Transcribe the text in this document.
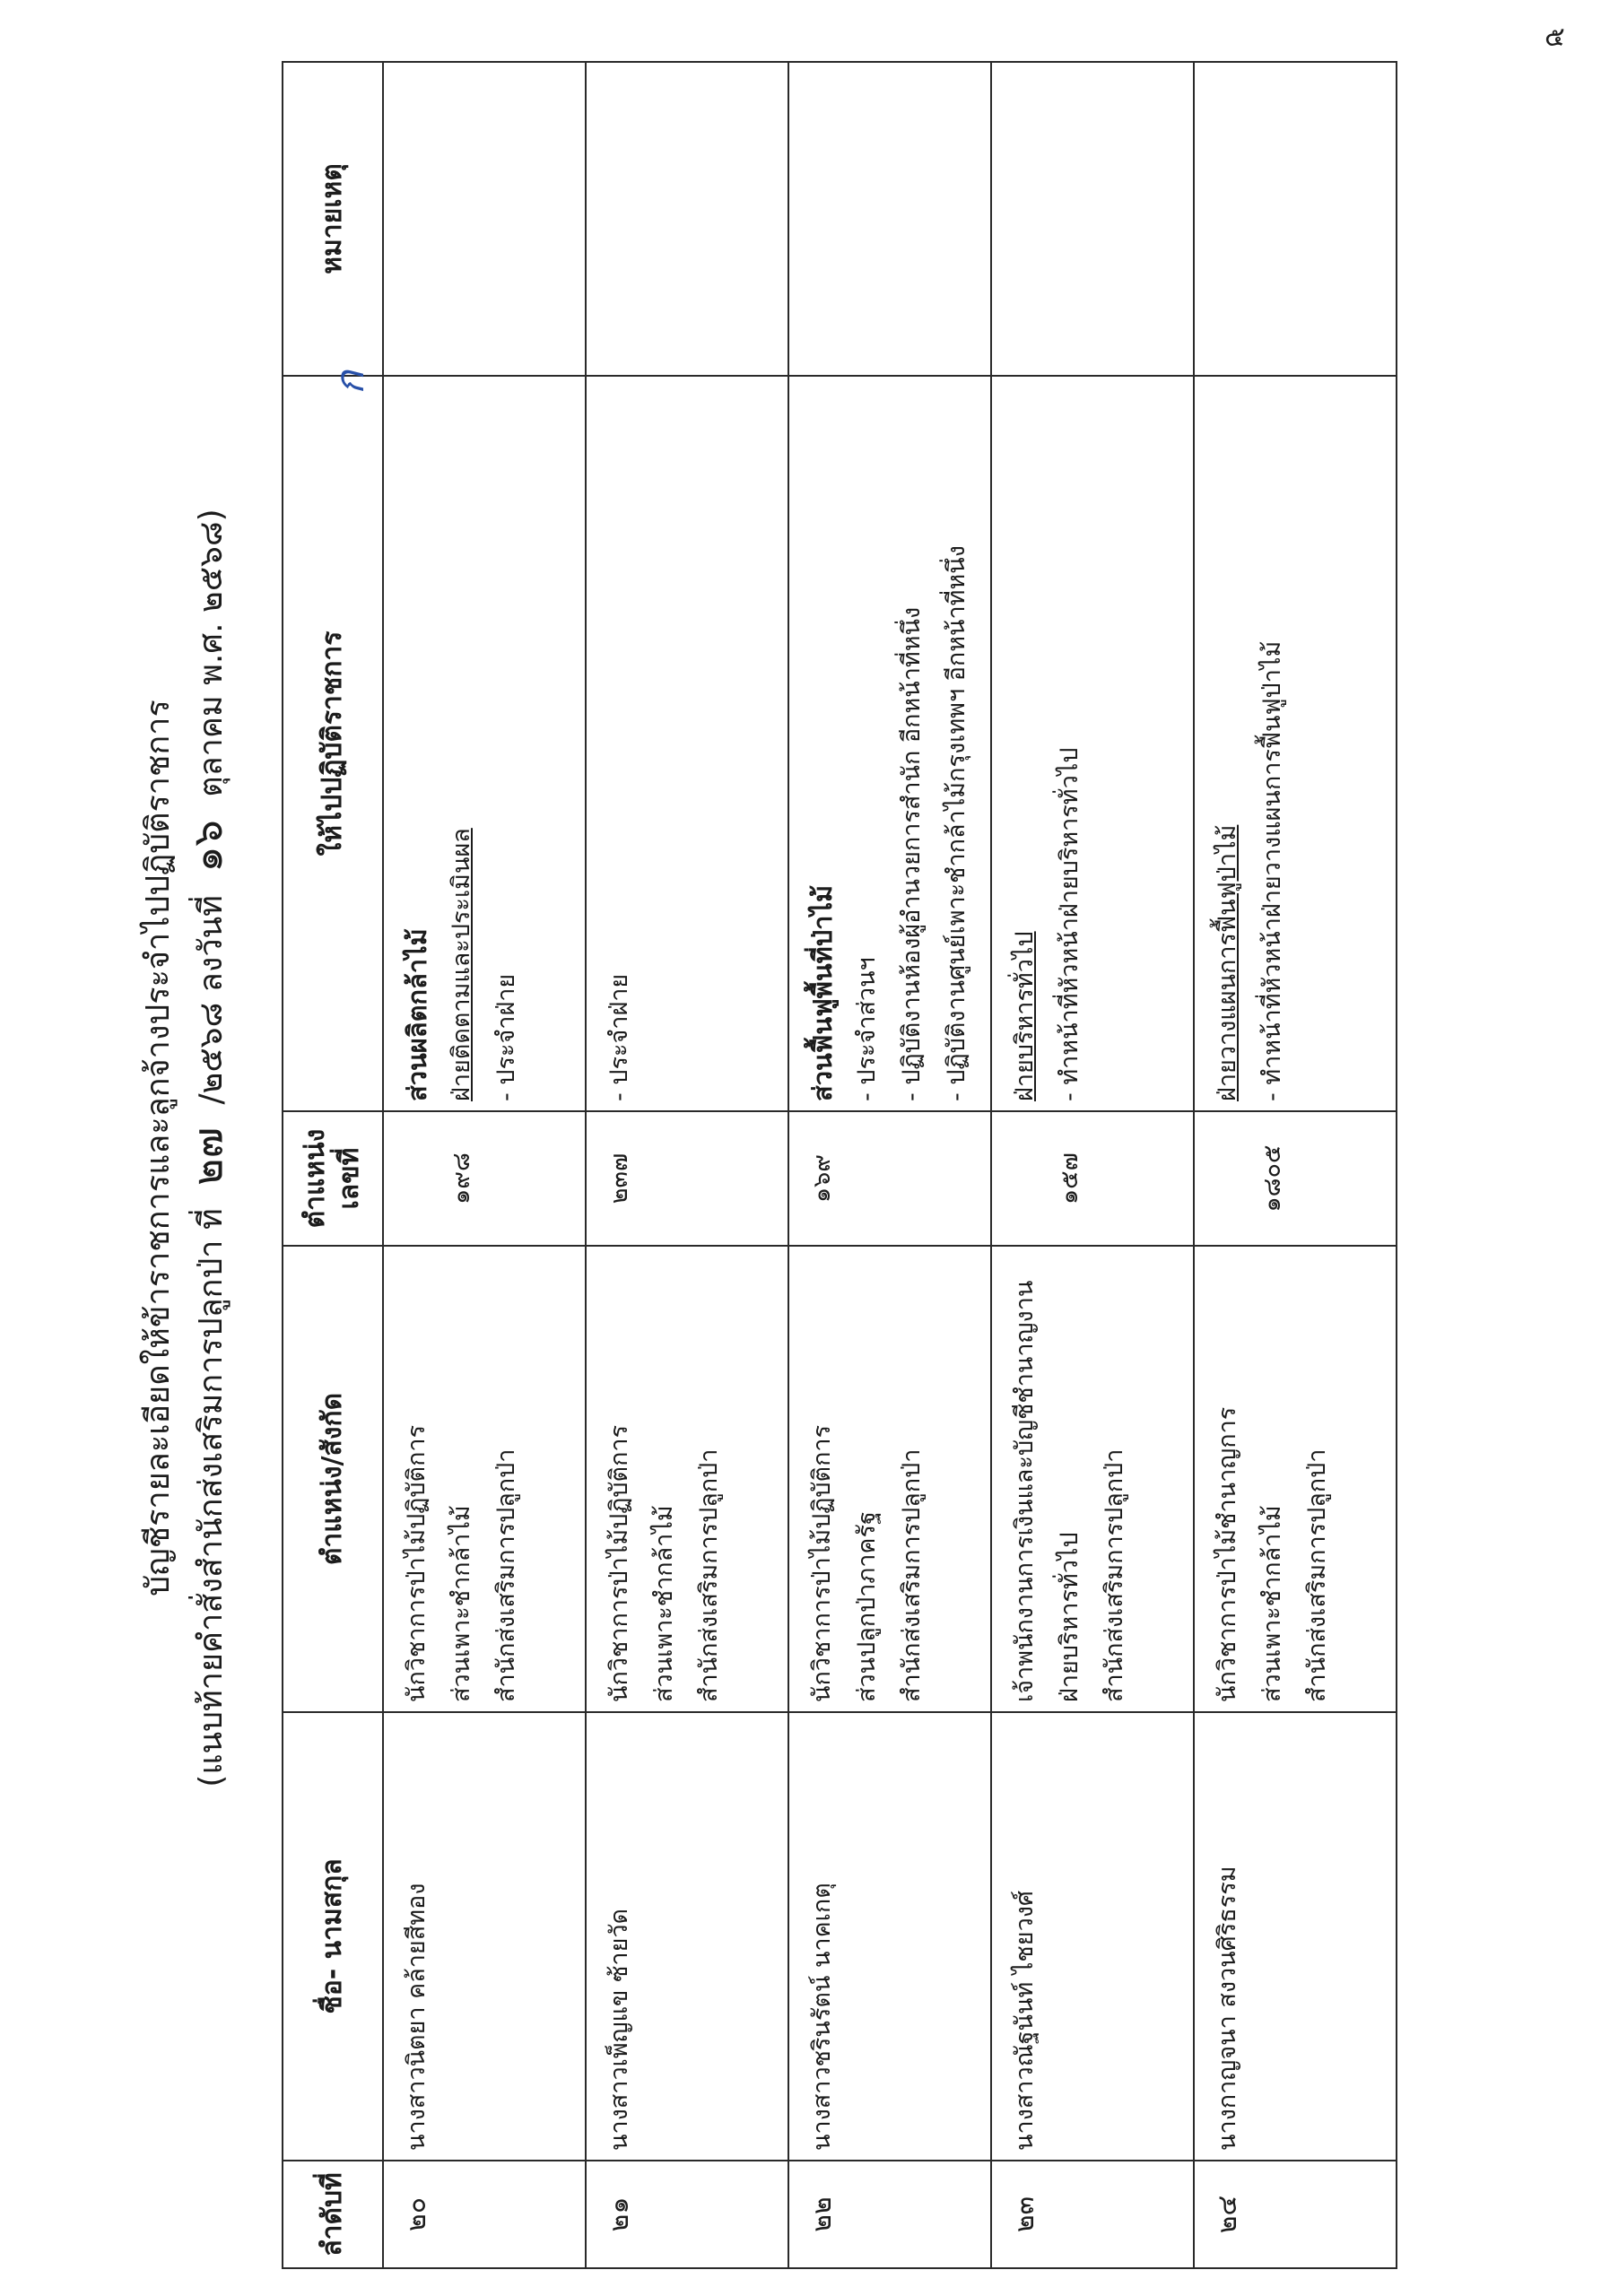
๕
บัญชีรายละเอียดให้ข้าราชการและลูกจ้างประจำไปปฏิบัติราชการ (แนบท้ายคำสั่งสำนักส่งเสริมการปลูกป่า ที่ ๒๗ /๒๕๖๘ ลงวันที่ ๑๖ ตุลาคม พ.ศ. ๒๕๖๘)
ลำดับที่	ชื่อ- นามสกุล	ตำแหน่ง/สังกัด	ตำแหน่ง เลขที่	ให้ไปปฏิบัติราชการ	หมายเหตุ
๒๐	นางสาวนิตยา คล้ายสีทอง	นักวิชาการป่าไม้ปฏิบัติการ ส่วนเพาะชำกล้าไม้ สำนักส่งเสริมการปลูกป่า	๑๙๘	ส่วนผลิตกล้าไม้ ฝ่ายติดตามและประเมินผล - ประจำฝ่าย	

๒๑	นางสาวเพ็ญแข ซ้ายวัด	นักวิชาการป่าไม้ปฏิบัติการ ส่วนเพาะชำกล้าไม้ สำนักส่งเสริมการปลูกป่า	๒๓๗	- ประจำฝ่าย	

๒๒	นางสาวชรินรัตน์ นาคเกตุ	นักวิชาการป่าไม้ปฏิบัติการ ส่วนปลูกป่าภาครัฐ สำนักส่งเสริมการปลูกป่า	๑๖๙	ส่วนฟื้นฟูพื้นที่ป่าไม้ - ประจำส่วนฯ - ปฏิบัติงานห้องผู้อำนวยการสำนัก อีกหน้าที่หนึ่ง - ปฏิบัติงานศูนย์เพาะชำกล้าไม้กรุงเทพฯ อีกหน้าที่หนึ่ง	

๒๓	นางสาวณัฐนันท์ ไชยวงศ์	เจ้าพนักงานการเงินและบัญชีชำนาญงาน ฝ่ายบริหารทั่วไป สำนักส่งเสริมการปลูกป่า	๑๕๗	ฝ่ายบริหารทั่วไป - ทำหน้าที่หัวหน้าฝ่ายบริหารทั่วไป	

๒๔	นางกาญจนา สงวนศิริธรรม	นักวิชาการป่าไม้ชำนาญการ ส่วนเพาะชำกล้าไม้ สำนักส่งเสริมการปลูกป่า	๑๘๐๕	ฝ่ายวางแผนการฟื้นฟูป่าไม้ - ทำหน้าที่หัวหน้าฝ่ายวางแผนการฟื้นฟูป่าไม้	

ก
